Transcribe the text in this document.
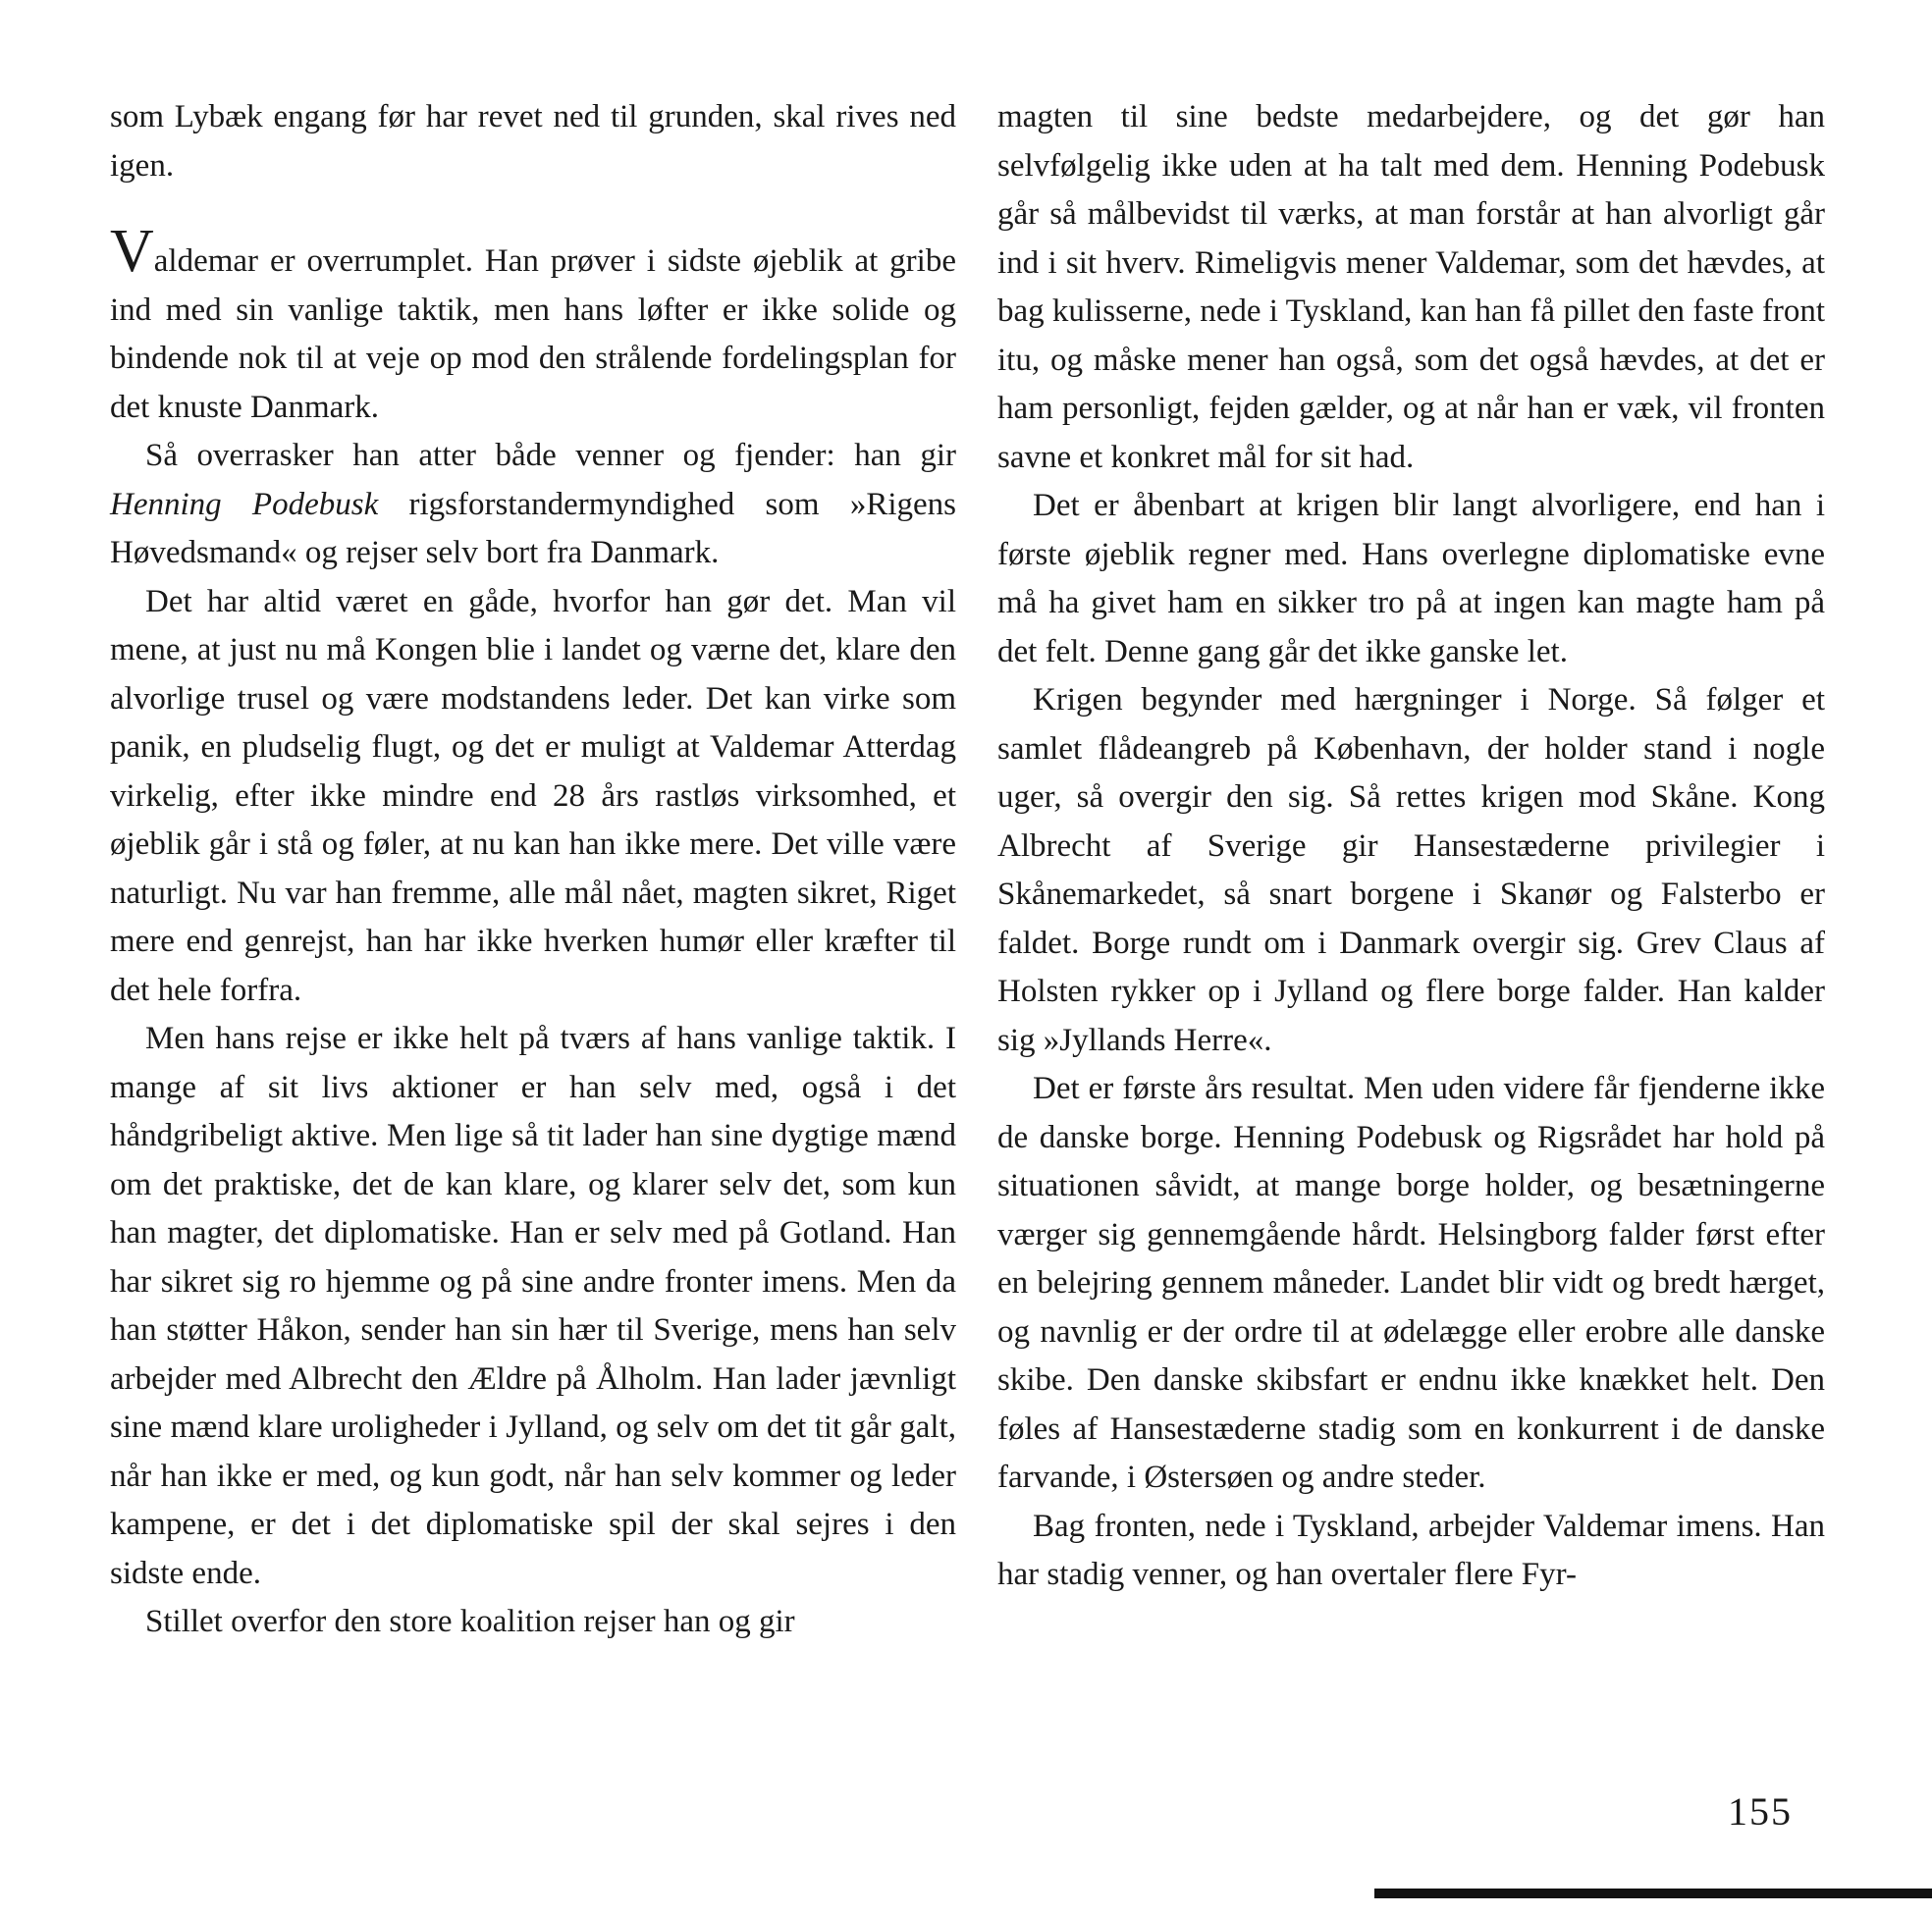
som Lybæk engang før har revet ned til grunden, skal rives ned igen.

Valdemar er overrumplet. Han prøver i sidste øjeblik at gribe ind med sin vanlige taktik, men hans løfter er ikke solide og bindende nok til at veje op mod den strålende fordelingsplan for det knuste Danmark.

Så overrasker han atter både venner og fjender: han gir Henning Podebusk rigsforstandermyndighed som »Rigens Høvedsmand« og rejser selv bort fra Danmark.

Det har altid været en gåde, hvorfor han gør det. Man vil mene, at just nu må Kongen blie i landet og værne det, klare den alvorlige trusel og være modstandens leder. Det kan virke som panik, en pludselig flugt, og det er muligt at Valdemar Atterdag virkelig, efter ikke mindre end 28 års rastløs virksomhed, et øjeblik går i stå og føler, at nu kan han ikke mere. Det ville være naturligt. Nu var han fremme, alle mål nået, magten sikret, Riget mere end genrejst, han har ikke hverken humør eller kræfter til det hele forfra.

Men hans rejse er ikke helt på tværs af hans vanlige taktik. I mange af sit livs aktioner er han selv med, også i det håndgribeligt aktive. Men lige så tit lader han sine dygtige mænd om det praktiske, det de kan klare, og klarer selv det, som kun han magter, det diplomatiske. Han er selv med på Gotland. Han har sikret sig ro hjemme og på sine andre fronter imens. Men da han støtter Håkon, sender han sin hær til Sverige, mens han selv arbejder med Albrecht den Ældre på Ålholm. Han lader jævnligt sine mænd klare uroligheder i Jylland, og selv om det tit går galt, når han ikke er med, og kun godt, når han selv kommer og leder kampene, er det i det diplomatiske spil der skal sejres i den sidste ende.

Stillet overfor den store koalition rejser han og gir

magten til sine bedste medarbejdere, og det gør han selvfølgelig ikke uden at ha talt med dem. Henning Podebusk går så målbevidst til værks, at man forstår at han alvorligt går ind i sit hverv. Rimeligvis mener Valdemar, som det hævdes, at bag kulisserne, nede i Tyskland, kan han få pillet den faste front itu, og måske mener han også, som det også hævdes, at det er ham personligt, fejden gælder, og at når han er væk, vil fronten savne et konkret mål for sit had.

Det er åbenbart at krigen blir langt alvorligere, end han i første øjeblik regner med. Hans overlegne diplomatiske evne må ha givet ham en sikker tro på at ingen kan magte ham på det felt. Denne gang går det ikke ganske let.

Krigen begynder med hærgninger i Norge. Så følger et samlet flådeangreb på København, der holder stand i nogle uger, så overgir den sig. Så rettes krigen mod Skåne. Kong Albrecht af Sverige gir Hansestæderne privilegier i Skånemarkedet, så snart borgene i Skanør og Falsterbo er faldet. Borge rundt om i Danmark overgir sig. Grev Claus af Holsten rykker op i Jylland og flere borge falder. Han kalder sig »Jyllands Herre«.

Det er første års resultat. Men uden videre får fjenderne ikke de danske borge. Henning Podebusk og Rigsrådet har hold på situationen såvidt, at mange borge holder, og besætningerne værger sig gennemgående hårdt. Helsingborg falder først efter en belejring gennem måneder. Landet blir vidt og bredt hærget, og navnlig er der ordre til at ødelægge eller erobre alle danske skibe. Den danske skibsfart er endnu ikke knækket helt. Den føles af Hansestæderne stadig som en konkurrent i de danske farvande, i Østersøen og andre steder.

Bag fronten, nede i Tyskland, arbejder Valdemar imens. Han har stadig venner, og han overtaler flere Fyr-

155
